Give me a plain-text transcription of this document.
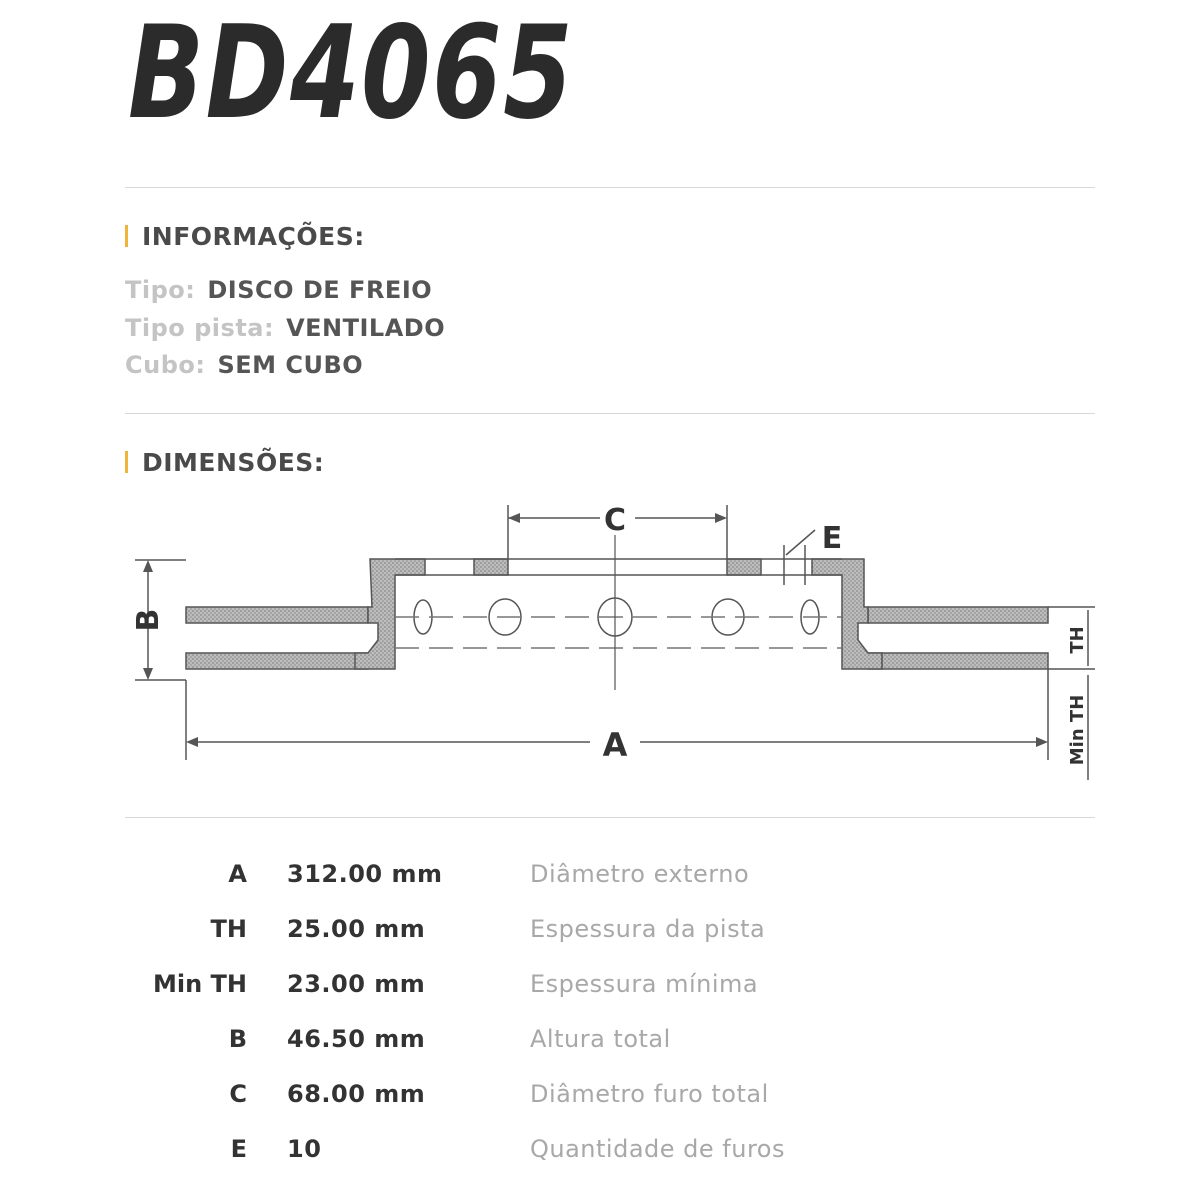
BD4065
INFORMAÇÕES:
Tipo: DISCO DE FREIO
Tipo pista: VENTILADO
Cubo: SEM CUBO
DIMENSÕES:
C
E
A
B
TH
Min TH
A 312.00 mm	Diâmetro externo
TH 25.00 mm	Espessura da pista
Min TH 23.00 mm	Espessura mínima
B 46.50 mm	Altura total
C 68.00 mm	Diâmetro furo total
E 10	Quantidade de furos
